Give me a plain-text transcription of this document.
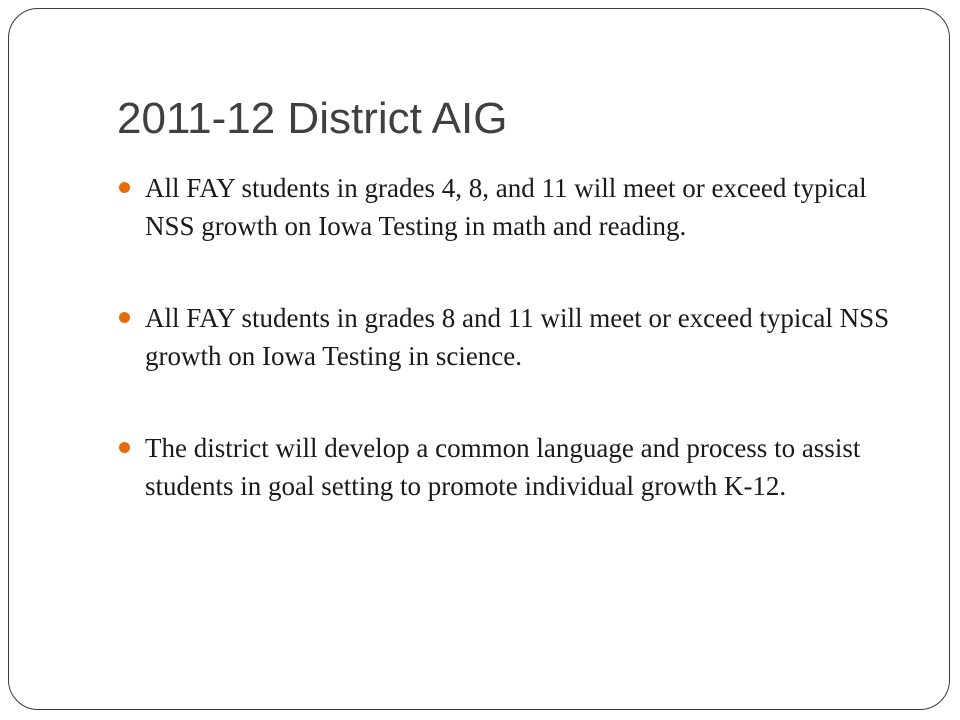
2011-12 District AIG
All FAY students in grades 4, 8, and 11 will meet or exceed typical NSS growth on Iowa Testing in math and reading.
All FAY students in grades 8 and 11 will meet or exceed typical NSS growth on Iowa Testing in science.
The district will develop a common language and process to assist students in goal setting to promote individual growth K-12.
